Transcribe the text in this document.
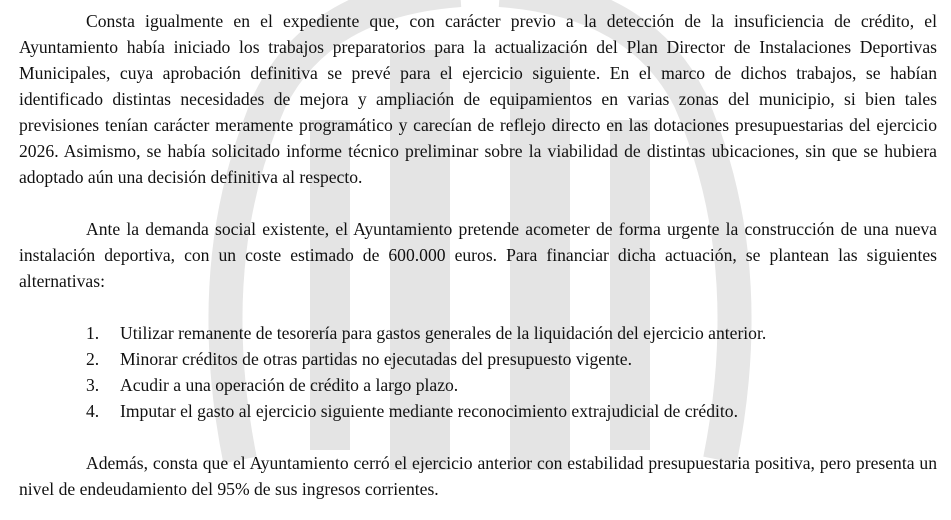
Consta igualmente en el expediente que, con carácter previo a la detección de la insuficiencia de crédito, el Ayuntamiento había iniciado los trabajos preparatorios para la actualización del Plan Director de Instalaciones Deportivas Municipales, cuya aprobación definitiva se prevé para el ejercicio siguiente. En el marco de dichos trabajos, se habían identificado distintas necesidades de mejora y ampliación de equipamientos en varias zonas del municipio, si bien tales previsiones tenían carácter meramente programático y carecían de reflejo directo en las dotaciones presupuestarias del ejercicio 2026. Asimismo, se había solicitado informe técnico preliminar sobre la viabilidad de distintas ubicaciones, sin que se hubiera adoptado aún una decisión definitiva al respecto.

Ante la demanda social existente, el Ayuntamiento pretende acometer de forma urgente la construcción de una nueva instalación deportiva, con un coste estimado de 600.000 euros. Para financiar dicha actuación, se plantean las siguientes alternativas:

1.	Utilizar remanente de tesorería para gastos generales de la liquidación del ejercicio anterior.
2.	Minorar créditos de otras partidas no ejecutadas del presupuesto vigente.
3.	Acudir a una operación de crédito a largo plazo.
4.	Imputar el gasto al ejercicio siguiente mediante reconocimiento extrajudicial de crédito.

Además, consta que el Ayuntamiento cerró el ejercicio anterior con estabilidad presupuestaria positiva, pero presenta un nivel de endeudamiento del 95% de sus ingresos corrientes.
